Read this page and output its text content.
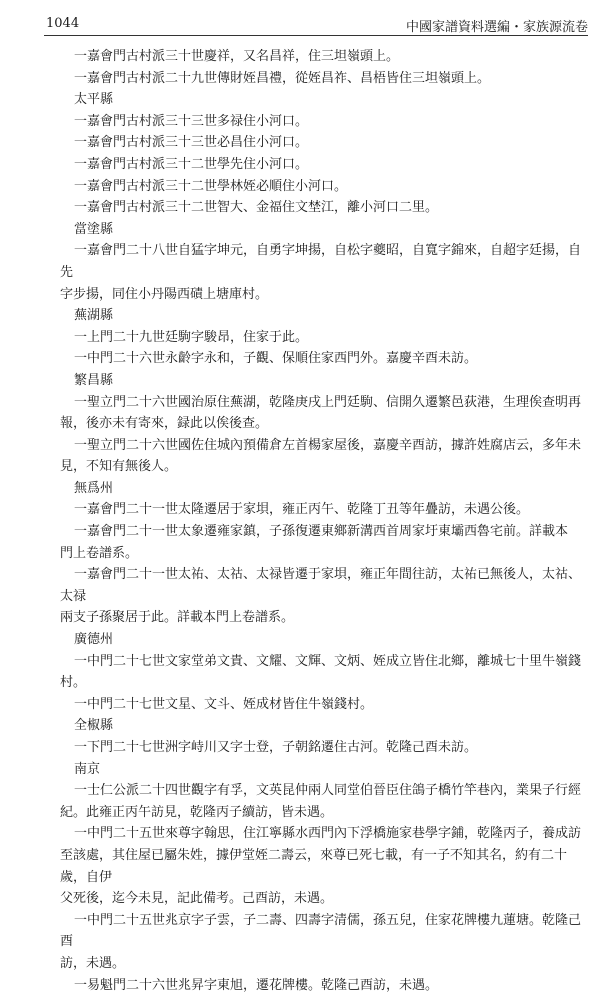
1044	中國家譜資料選編・家族源流卷

一嘉會門古村派三十世慶祥，又名昌祥，住三坦嶺頭上。

一嘉會門古村派二十九世傳財姪昌禮，從姪昌祚、昌梧皆住三坦嶺頭上。

太平縣

一嘉會門古村派三十三世多禄住小河口。

一嘉會門古村派三十三世必昌住小河口。

一嘉會門古村派三十二世學先住小河口。

一嘉會門古村派三十二世學林姪必順住小河口。

一嘉會門古村派三十二世智大、金福住文埜江，離小河口二里。

當塗縣

一嘉會門二十八世自猛字坤元，自勇字坤揚，自松字夔昭，自寬字錦來，自超字廷揚，自先

字步揚，同住小丹陽西磧上塘庫村。

蕪湖縣

一上門二十九世廷駒字駿昂，住家于此。

一中門二十六世永齡字永和，子觀、保順住家西門外。嘉慶辛酉未訪。

繁昌縣

一聖立門二十六世國治原住蕪湖，乾隆庚戌上門廷駒、信開久遷繁邑荻港，生理俟查明再

報，後亦未有寄來，録此以俟後查。

一聖立門二十六世國佐住城內預備倉左首楊家屋後，嘉慶辛酉訪，據許姓腐店云，多年未

見，不知有無後人。

無爲州

一嘉會門二十一世太隆遷居于家垻，雍正丙午、乾隆丁丑等年疊訪，未遇公後。

一嘉會門二十一世太象遷雍家鎮，子孫復遷東鄉新溝西首周家圩東壩西魯宅前。詳載本

門上卷譜系。

一嘉會門二十一世太祐、太祜、太禄皆遷于家垻，雍正年間往訪，太祐已無後人，太祜、太禄

兩支子孫聚居于此。詳載本門上卷譜系。

廣德州

一中門二十七世文家堂弟文貴、文耀、文輝、文炳、姪成立皆住北鄉，離城七十里牛嶺錢村。

一中門二十七世文星、文斗、姪成材皆住牛嶺錢村。

全椒縣

一下門二十七世洲字峙川又字士登，子朝銘遷住古河。乾隆己酉未訪。

南京

一士仁公派二十四世觀字有孚，文英昆仲兩人同堂伯晉臣住鴿子橋竹竿巷內，業果子行經

紀。此雍正丙午訪見，乾隆丙子續訪，皆未遇。

一中門二十五世來尊字翰思，住江寧縣水西門內下浮橋施家巷學字鋪，乾隆丙子，養成訪

至該處，其住屋已屬朱姓，據伊堂姪二壽云，來尊已死七載，有一子不知其名，約有二十歲，自伊

父死後，迄今未見，記此備考。己酉訪，未遇。

一中門二十五世兆京字子雲，子二壽、四壽字清儒，孫五兒，住家花牌樓九蓮塘。乾隆己酉

訪，未遇。

一易魁門二十六世兆昇字東旭，遷花牌樓。乾隆己酉訪，未遇。
